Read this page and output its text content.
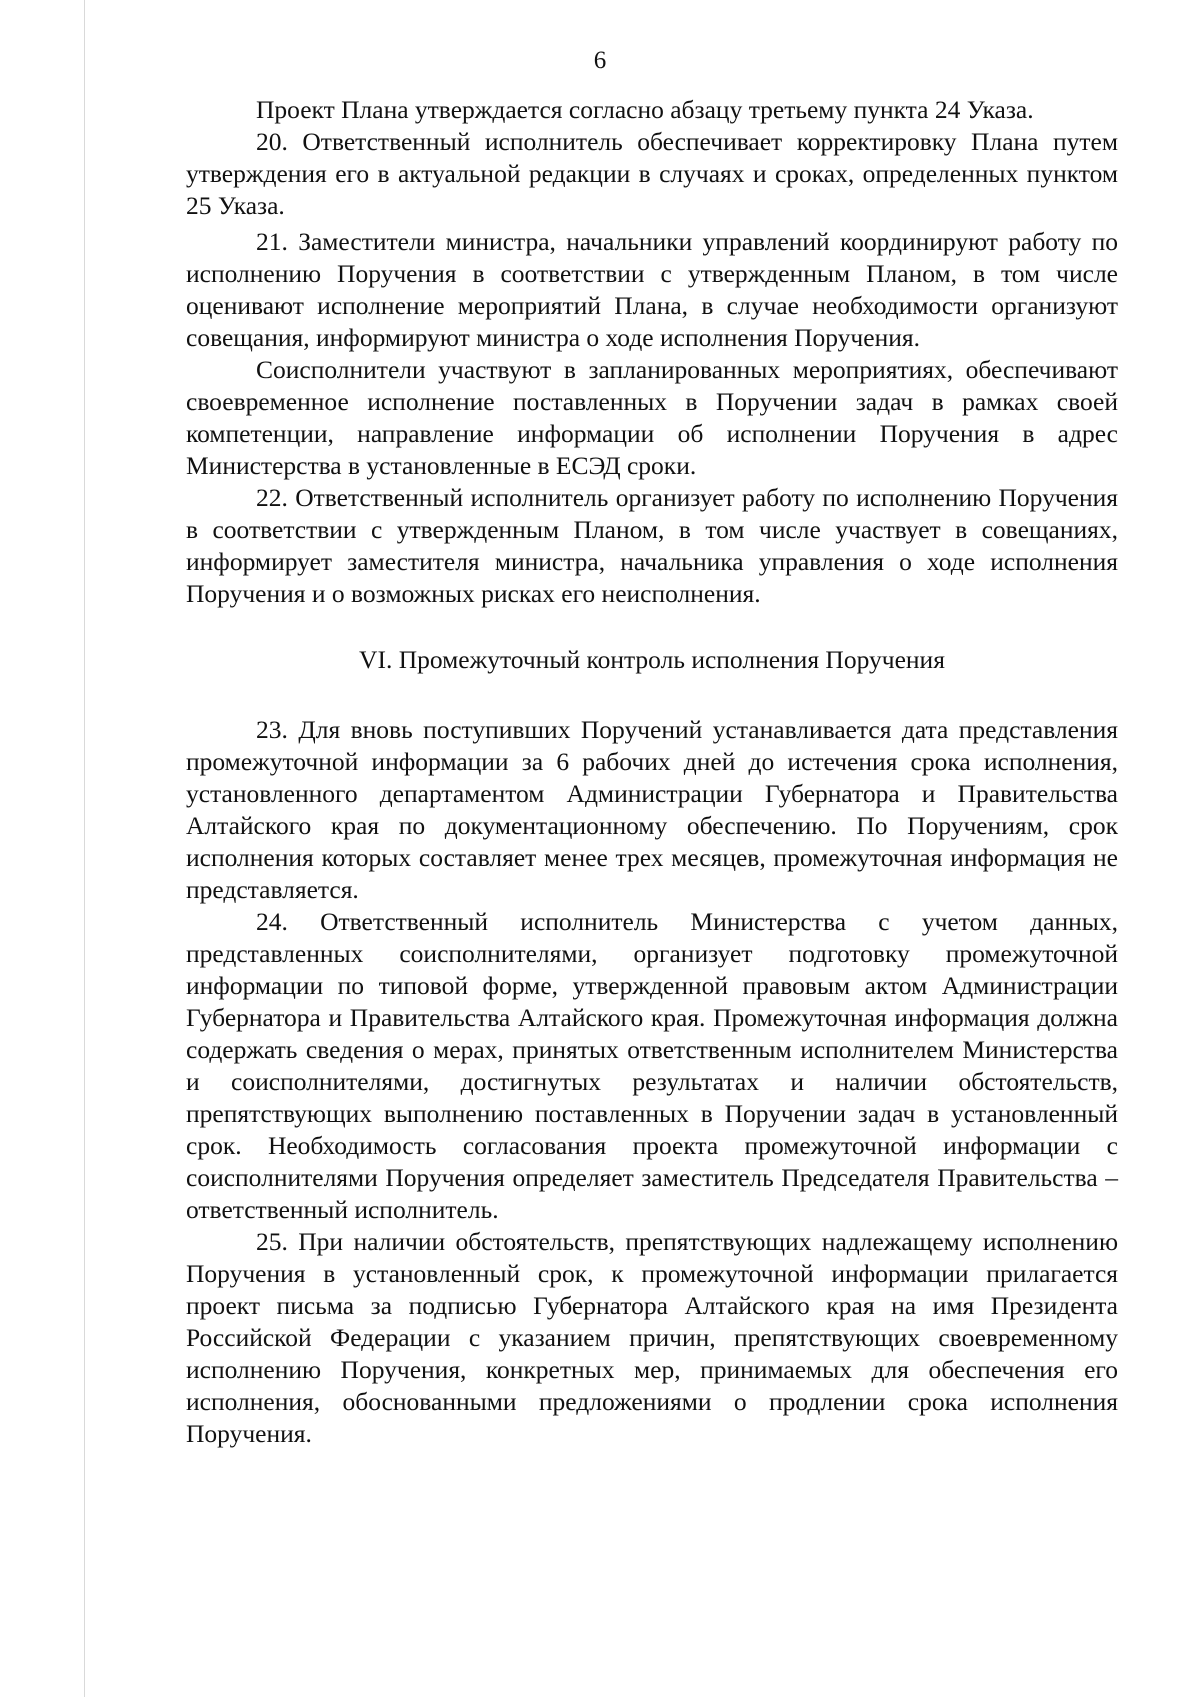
6

Проект Плана утверждается согласно абзацу третьему пункта 24 Указа.

20. Ответственный исполнитель обеспечивает корректировку Плана путем утверждения его в актуальной редакции в случаях и сроках, определенных пунктом 25 Указа.

21. Заместители министра, начальники управлений координируют работу по исполнению Поручения в соответствии с утвержденным Планом, в том числе оценивают исполнение мероприятий Плана, в случае необходимости организуют совещания, информируют министра о ходе исполнения Поручения.

Соисполнители участвуют в запланированных мероприятиях, обеспечивают своевременное исполнение поставленных в Поручении задач в рамках своей компетенции, направление информации об исполнении Поручения в адрес Министерства в установленные в ЕСЭД сроки.

22. Ответственный исполнитель организует работу по исполнению Поручения в соответствии с утвержденным Планом, в том числе участвует в совещаниях, информирует заместителя министра, начальника управления о ходе исполнения Поручения и о возможных рисках его неисполнения.

VI. Промежуточный контроль исполнения Поручения

23. Для вновь поступивших Поручений устанавливается дата представления промежуточной информации за 6 рабочих дней до истечения срока исполнения, установленного департаментом Администрации Губернатора и Правительства Алтайского края по документационному обеспечению. По Поручениям, срок исполнения которых составляет менее трех месяцев, промежуточная информация не представляется.

24. Ответственный исполнитель Министерства с учетом данных, представленных соисполнителями, организует подготовку промежуточной информации по типовой форме, утвержденной правовым актом Администрации Губернатора и Правительства Алтайского края. Промежуточная информация должна содержать сведения о мерах, принятых ответственным исполнителем Министерства и соисполнителями, достигнутых результатах и наличии обстоятельств, препятствующих выполнению поставленных в Поручении задач в установленный срок. Необходимость согласования проекта промежуточной информации с соисполнителями Поручения определяет заместитель Председателя Правительства – ответственный исполнитель.

25. При наличии обстоятельств, препятствующих надлежащему исполнению Поручения в установленный срок, к промежуточной информации прилагается проект письма за подписью Губернатора Алтайского края на имя Президента Российской Федерации с указанием причин, препятствующих своевременному исполнению Поручения, конкретных мер, принимаемых для обеспечения его исполнения, обоснованными предложениями о продлении срока исполнения Поручения.
